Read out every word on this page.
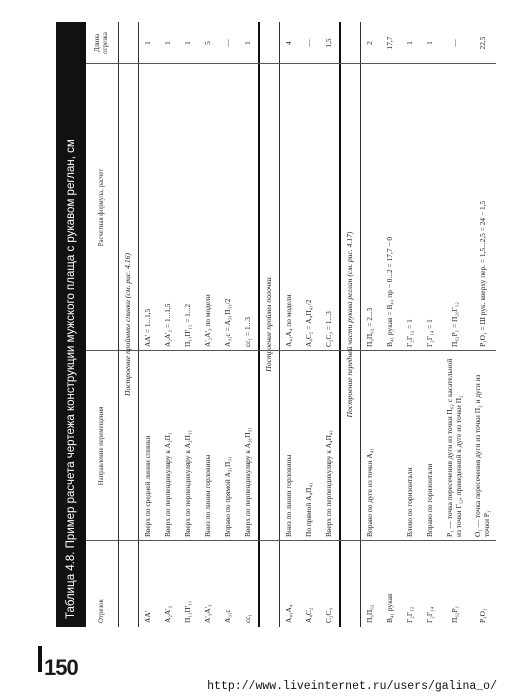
150
http://www.liveinternet.ru/users/galina_o/
Таблица 4.8. Пример расчета чертежа конструкции мужского плаща с рукавом реглан, см	Отрезок
Направление перемещения
Расчетная формула, расчет
Длина отрезка
Построение пройммы спинки (см. рис. 4.16)
АА'
Вверх по средней линии спинки
АА' = 1...1,5
1
А₂А'₂
Вверх по перпендикуляру к А₂П₁
А₂А'₂ = 1...1,5
1
П₁₁П'₁₁
Вверх по перпендикуляру к А₂П₁₁
П₁₁П'₁₁ = 1...2
1
А'₃А'₃
Вниз по линии горловины
А'₂А'₃ по модели
5
А₃₁с
Вправо по прямой А₃₁П₃₁
А₃₁с = А₃₁П₃₁/2
—
сс₁
Вверх по перпендикуляру к А₃₁П₃₁
сс₁ = 1...3
1
Построение проймы полочки
А₄₁А₄
Вниз по линии горловины
А₄₁А₄ по модели
4
А₄С₂
По прямой А₄П₄₁
А₄С₂ = А₄П₄₁/2
—
С₂С₃
Вверх по перпендикуляру к А₄П₄₁
С₂С₃ = 1...3
1,5
Построение передней части рукава реглан (см. рис. 4.17)
П₆П₆₂
Вправо по дуге из точки А₄₁
П₆П₆₂ = 2...3
2
В₄₁ рукав
В₄₁ рукав = В₄₁ пр − 0...2 = 17,7 − 0
17,7
Г₂Г₁₂
Влево по горизонтали
Г₂Г₁₂ = 1
1
Г₂Г₁₄
Вправо по горизонтали
Г₂Г₁₄ = 1
1
П₆₂Р₁
Р₁ — точка пересечения дуги из точки П₆₂ с касательной из точки Г₁₂, приведенной к дуге из точки П₂
П₆₂Р₁ = П₂₀Г₁₂
—
Р₁О₁
О₁ — точка пересечения дуги из точки П₂ и дуги из точки Р₁
Р₁О₁ = Ш рук. вверху пер. = 1,5...2,5 = 24 − 1,5
22,5
